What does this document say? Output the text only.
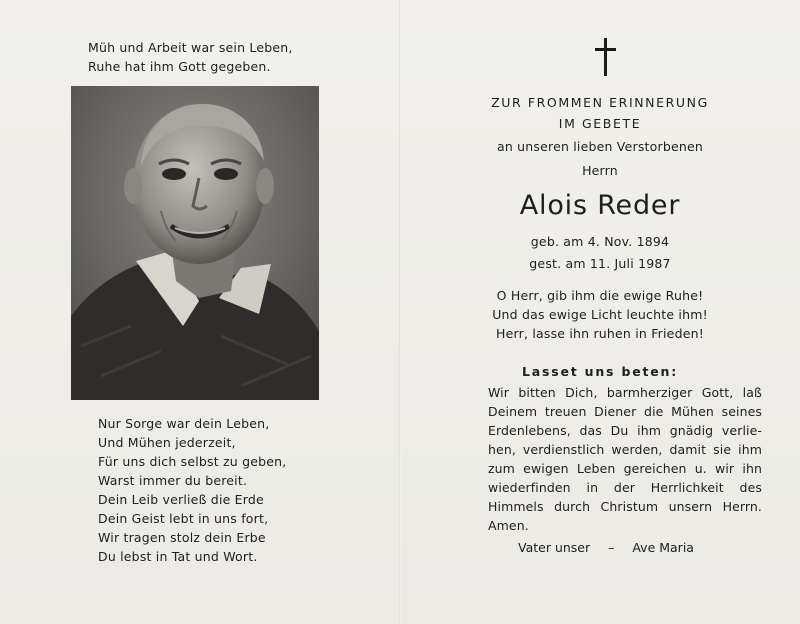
Müh und Arbeit war sein Leben,
Ruhe hat ihm Gott gegeben.
Nur Sorge war dein Leben,
Und Mühen jederzeit,
Für uns dich selbst zu geben,
Warst immer du bereit.
Dein Leib verließ die Erde
Dein Geist lebt in uns fort,
Wir tragen stolz dein Erbe
Du lebst in Tat und Wort.
ZUR FROMMEN ERINNERUNG
IM GEBETE
an unseren lieben Verstorbenen
Herrn
Alois Reder
geb. am 4. Nov. 1894
gest. am 11. Juli 1987
O Herr, gib ihm die ewige Ruhe!
Und das ewige Licht leuchte ihm!
Herr, lasse ihn ruhen in Frieden!
Lasset uns beten:
Wir bitten Dich, barmherziger Gott, laß
Deinem treuen Diener die Mühen seines
Erdenlebens, das Du ihm gnädig verlie-
hen, verdienstlich werden, damit sie ihm
zum ewigen Leben gereichen u. wir ihn
wiederfinden in der Herrlichkeit des
Himmels durch Christum unsern Herrn.
Amen.
Vater unser – Ave Maria
